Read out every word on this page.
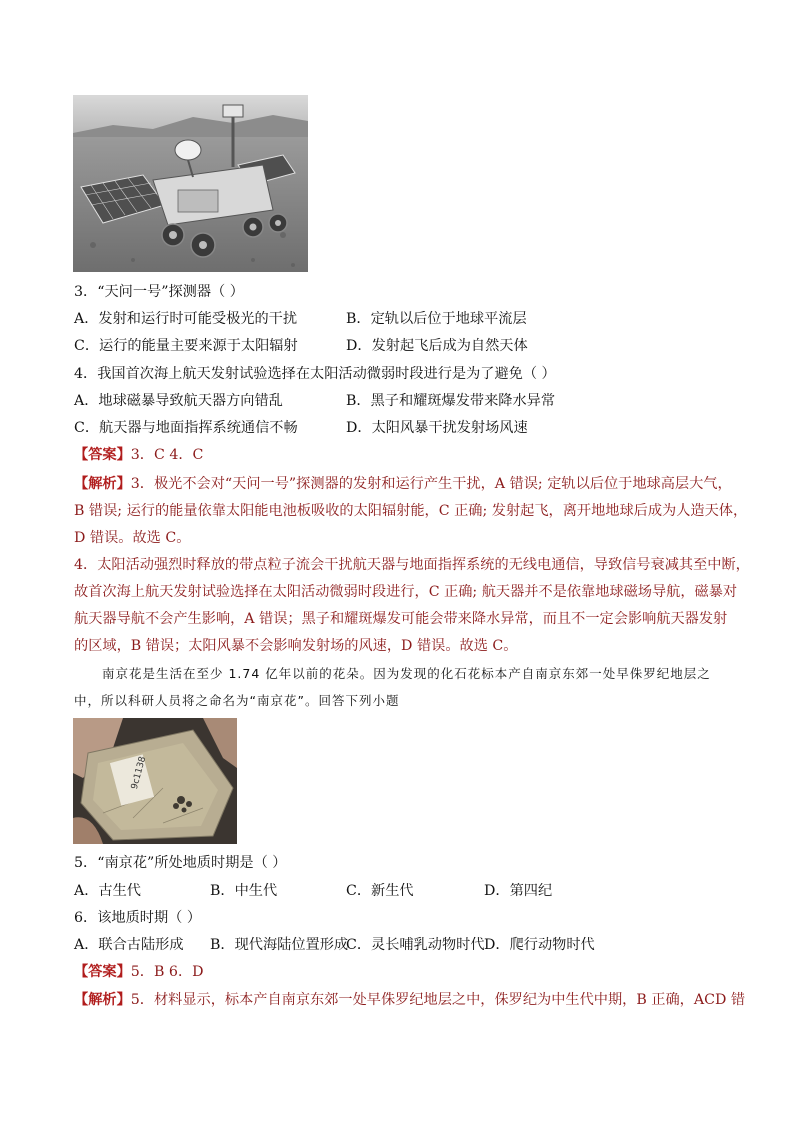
3．“天问一号”探测器（ ）
A．发射和运行时可能受极光的干扰	B．定轨以后位于地球平流层
C．运行的能量主要来源于太阳辐射	D．发射起飞后成为自然天体
4．我国首次海上航天发射试验选择在太阳活动微弱时段进行是为了避免（ ）
A．地球磁暴导致航天器方向错乱	B．黑子和耀斑爆发带来降水异常
C．航天器与地面指挥系统通信不畅	D．太阳风暴干扰发射场风速
【答案】3．C 4．C
【解析】3．极光不会对“天问一号”探测器的发射和运行产生干扰，A 错误; 定轨以后位于地球高层大气，
B 错误; 运行的能量依靠太阳能电池板吸收的太阳辐射能，C 正确; 发射起飞，离开地地球后成为人造天体，
D 错误。故选 C。
4．太阳活动强烈时释放的带点粒子流会干扰航天器与地面指挥系统的无线电通信，导致信号衰减其至中断，
故首次海上航天发射试验选择在太阳活动微弱时段进行，C 正确; 航天器并不是依靠地球磁场导航，磁暴对
航天器导航不会产生影响，A 错误；黑子和耀斑爆发可能会带来降水异常，而且不一定会影响航天器发射
的区域，B 错误；太阳风暴不会影响发射场的风速，D 错误。故选 C。
南京花是生活在至少 1.74 亿年以前的花朵。因为发现的化石花标本产自南京东郊一处早侏罗纪地层之
中，所以科研人员将之命名为“南京花”。回答下列小题
9c1138
5．“南京花”所处地质时期是（ ）
A．古生代	B．中生代	C．新生代	D．第四纪
6．该地质时期（ ）
A．联合古陆形成 B．现代海陆位置形成
C．灵长哺乳动物时代 D．爬行动物时代
【答案】5．B 6．D
【解析】5．材料显示，标本产自南京东郊一处早侏罗纪地层之中，侏罗纪为中生代中期，B 正确，ACD 错
